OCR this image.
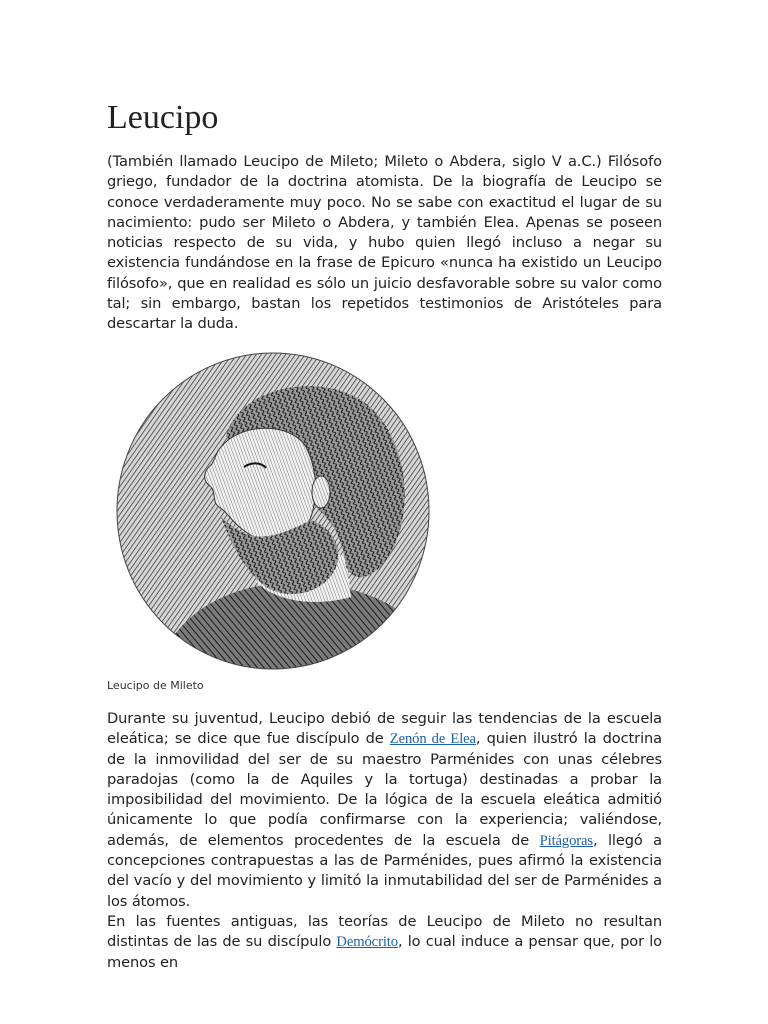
Leucipo

(También llamado Leucipo de Mileto; Mileto o Abdera, siglo V a.C.) Filósofo griego, fundador de la doctrina atomista. De la biografía de Leucipo se conoce verdaderamente muy poco. No se sabe con exactitud el lugar de su nacimiento: pudo ser Mileto o Abdera, y también Elea. Apenas se poseen noticias respecto de su vida, y hubo quien llegó incluso a negar su existencia fundándose en la frase de Epicuro «nunca ha existido un Leucipo filósofo», que en realidad es sólo un juicio desfavorable sobre su valor como tal; sin embargo, bastan los repetidos testimonios de Aristóteles para descartar la duda.

Leucipo de Mileto

Durante su juventud, Leucipo debió de seguir las tendencias de la escuela eleática; se dice que fue discípulo de Zenón de Elea, quien ilustró la doctrina de la inmovilidad del ser de su maestro Parménides con unas célebres paradojas (como la de Aquiles y la tortuga) destinadas a probar la imposibilidad del movimiento. De la lógica de la escuela eleática admitió únicamente lo que podía confirmarse con la experiencia; valiéndose, además, de elementos procedentes de la escuela de Pitágoras, llegó a concepciones contrapuestas a las de Parménides, pues afirmó la existencia del vacío y del movimiento y limitó la inmutabilidad del ser de Parménides a los átomos.

En las fuentes antiguas, las teorías de Leucipo de Mileto no resultan distintas de las de su discípulo Demócrito, lo cual induce a pensar que, por lo menos en
